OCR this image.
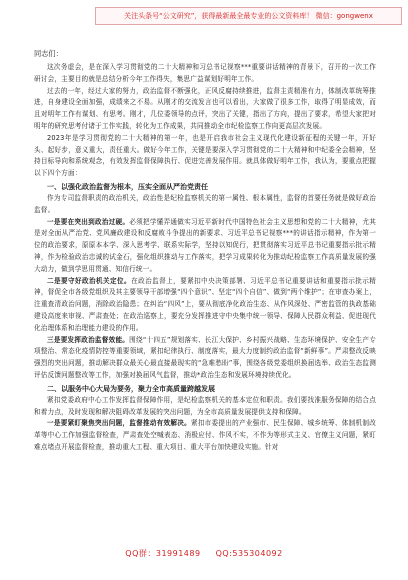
关注头条号“公文研究”，获得最新最全最专业的公文资料库！ 微信：gongwenx
同志们：

这次务虚会，是在深入学习贯彻党的二十大精神和习总书记视察***重要讲话精神的背景下，召开的一次工作研讨会，主要目的就是总结分析今年工作得失，集思广益谋划好明年工作。

过去的一年，经过大家的努力，政治监督不断强化，正风反腐持续推进，监督主责精准有力，体制改革统筹推进，自身建设全面加强，成绩来之不易。从刚才的交流发言也可以看出，大家做了很多工作，取得了明显成效，而且对明年工作有谋划、有思考。刚才，几位委领导的点评，突出了关键，指出了方向，提出了要求，希望大家把对明年的研究思考付诸于工作实践，转化为工作成果，共同推动全市纪检监察工作向更高层次发展。

2023年是学习贯彻党的二十大精神的第一年，也是开启我市社会主义现代化建设新征程的关键一年，开好头、起好步，意义重大，责任重大。做好今年工作，关键是要深入学习贯彻党的二十大精神和中纪委全会精神，坚持目标导向和系统观念，有效发挥监督保障执行、促进完善发展作用。就具体做好明年工作，我认为，要重点把握以下四个方面：

一、以强化政治监督为根本，压实全面从严治党责任

作为专司监督职责的政治机关，政治性是纪检监察机关的第一属性、根本属性，监督的首要任务就是做好政治监督。

一是要在突出到政治过硬。必须把学懂弄通做实习近平新时代中国特色社会主义思想和党的二十大精神，尤其是对全面从严治党、党风廉政建设和反腐败斗争提出的新要求、习近平总书记视察***的讲话指示精神，作为第一位的政治要求，原原本本学、深入思考学、联系实际学，坚持以知促行，把贯彻落实习近平总书记重要指示批示精神，作为检验政治忠诚的试金石，强化组织推动与工作落实，把学习成果转化为推动纪检监察工作高质量发展的强大动力，做到学思用贯通、知信行统一。

二是要守好政治机关定位。在政治监督上，要紧扣中央决策部署、习近平总书记重要讲话和重要指示批示精神，督促全市各级党组织及其主要领导干部增强“四个意识”、坚定“四个自信”、做到“两个维护”；在审查办案上，注重查清政治问题，消除政治隐患；在纠治“四风”上，要从彻底净化政治生态、从作风深处、严密监管的执政基础建设高度来审视、严肃查处；在政治巡察上，要充分发挥推进守中央集中统一领导、保障人民群众利益、促进现代化治理体系和治理能力建设的作用。

三是要发挥政治监督效能。围绕“十四五”规划落实、长江大保护、乡村振兴战略、生态环境保护、安全生产专项整治、常态化疫情防控等重要领域，紧扣纪律执行、制度落实，最大力度制约政治监督“新鲜事”。严肃整改反映强烈的突出问题，推动解决群众最关心最直接最现实的“急难愁盼”事，围绕各级党委组织换届选举、政治生态监测评估反馈问题整改等工作，加强对换届风气监督，推动*政治生态和发展环境持续优化。

二、以服务中心大局为要务，聚力全市高质量跨越发展

紧扣党委政府中心工作发挥监督保障作用，是纪检监察机关的基本定位和职责。我们要找准服务保障的结合点和着力点，及时发现和解决阻碍改革发展的突出问题，为全市高质量发展提供支持和保障。

一是要紧盯聚焦突出问题，监督推动有效解决。紧扣市委提出的产业强市、民生保障、城乡统筹、体制机制改革等中心工作加强监督检查，严肃查处空喊表态、消极应付、作风不实，不作为等形式主义、官僚主义问题，紧盯难点堵点开展监督检查，推动重大工程、重大项目、重大平台加快建设实施。针对

QQ群：31991489 QQ:535304092
